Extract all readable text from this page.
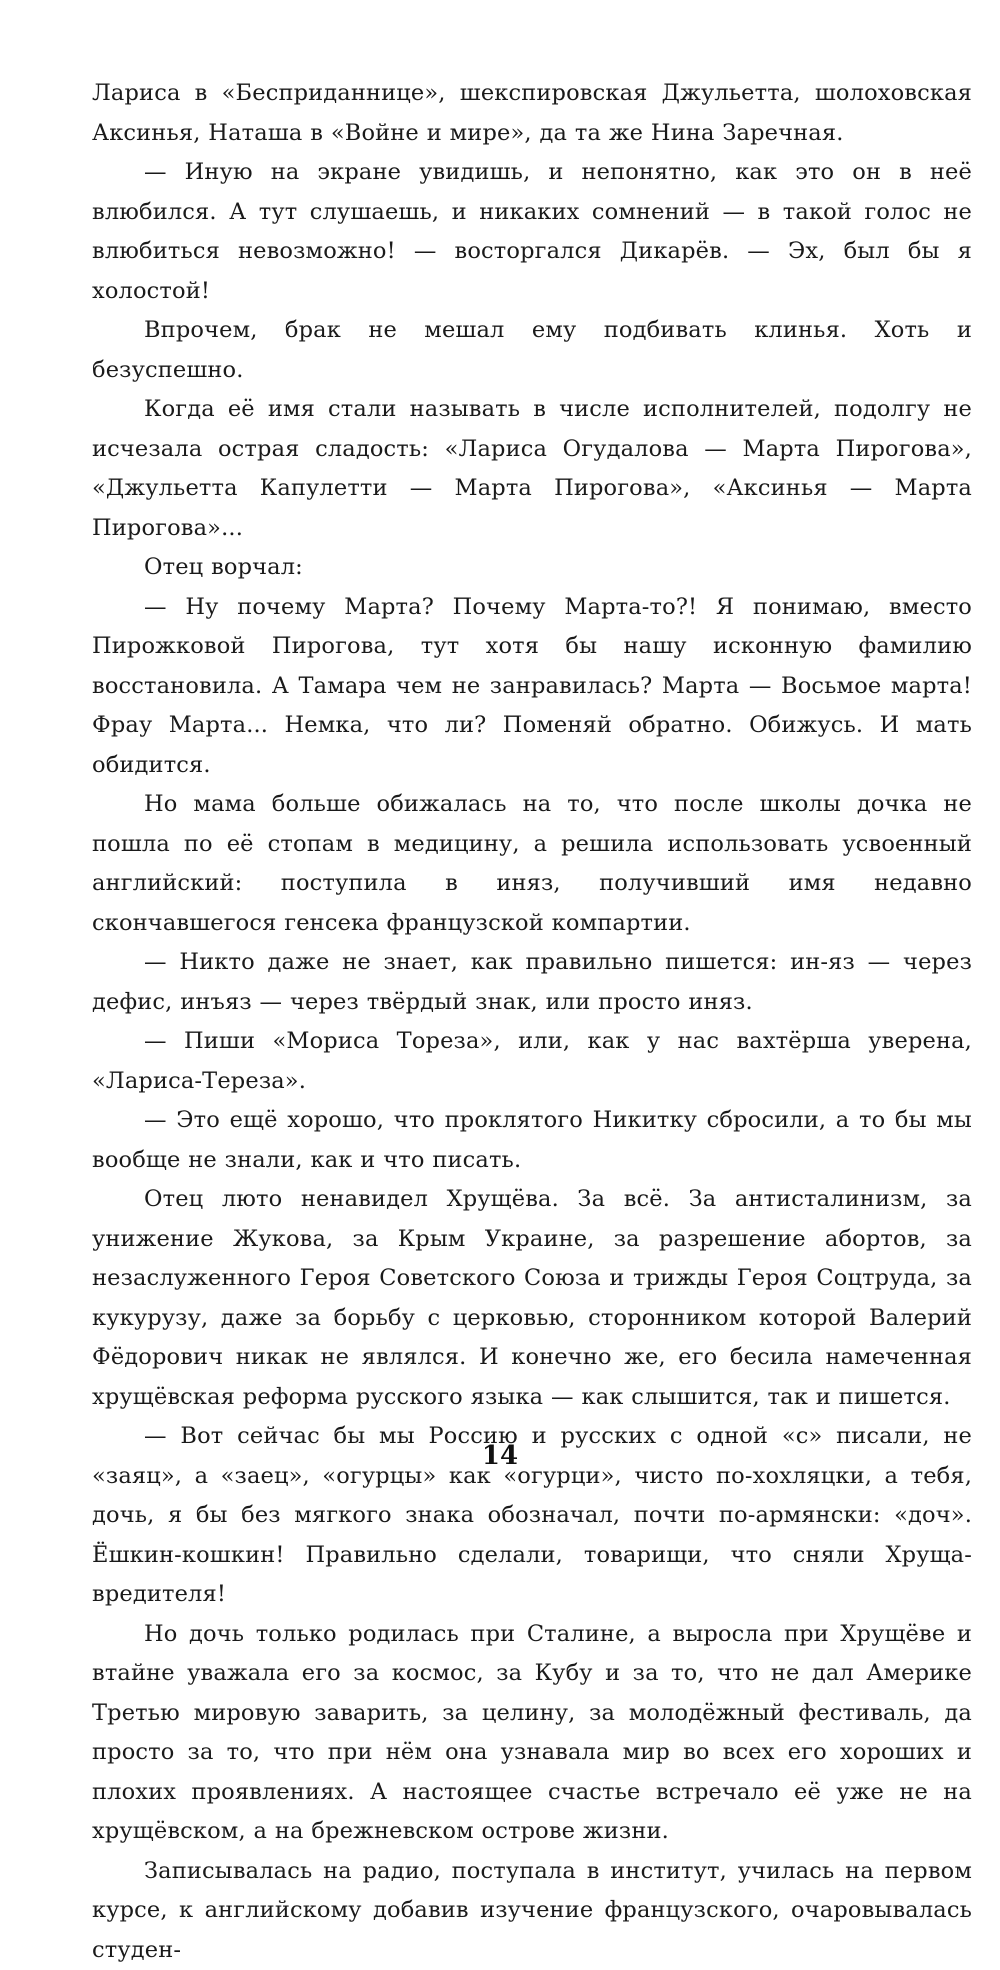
Лариса в «Бесприданнице», шекспировская Джульетта, шолоховская Аксинья, Наташа в «Войне и мире», да та же Нина Заречная.

— Иную на экране увидишь, и непонятно, как это он в неё влюбился. А тут слушаешь, и никаких сомнений — в такой голос не влюбиться невозможно! — восторгался Дикарёв. — Эх, был бы я холостой!

Впрочем, брак не мешал ему подбивать клинья. Хоть и безуспешно.

Когда её имя стали называть в числе исполнителей, подолгу не исчезала острая сладость: «Лариса Огудалова — Марта Пирогова», «Джульетта Капулетти — Марта Пирогова», «Аксинья — Марта Пирогова»...

Отец ворчал:

— Ну почему Марта? Почему Марта-то?! Я понимаю, вместо Пирожковой Пирогова, тут хотя бы нашу исконную фамилию восстановила. А Тамара чем не занравилась? Марта — Восьмое марта! Фрау Марта... Немка, что ли? Поменяй обратно. Обижусь. И мать обидится.

Но мама больше обижалась на то, что после школы дочка не пошла по её стопам в медицину, а решила использовать усвоенный английский: поступила в иняз, получивший имя недавно скончавшегося генсека французской компартии.

— Никто даже не знает, как правильно пишется: ин-яз — через дефис, инъяз — через твёрдый знак, или просто иняз.

— Пиши «Мориса Тореза», или, как у нас вахтёрша уверена, «Лариса-Тереза».

— Это ещё хорошо, что проклятого Никитку сбросили, а то бы мы вообще не знали, как и что писать.

Отец люто ненавидел Хрущёва. За всё. За антисталинизм, за унижение Жукова, за Крым Украине, за разрешение абортов, за незаслуженного Героя Советского Союза и трижды Героя Соцтруда, за кукурузу, даже за борьбу с церковью, сторонником которой Валерий Фёдорович никак не являлся. И конечно же, его бесила намеченная хрущёвская реформа русского языка — как слышится, так и пишется.

— Вот сейчас бы мы Россию и русских с одной «с» писали, не «заяц», а «заец», «огурцы» как «огурци», чисто по-хохляцки, а тебя, дочь, я бы без мягкого знака обозначал, почти по-армянски: «доч». Ёшкин-кошкин! Правильно сделали, товарищи, что сняли Хруща-вредителя!

Но дочь только родилась при Сталине, а выросла при Хрущёве и втайне уважала его за космос, за Кубу и за то, что не дал Америке Третью мировую заварить, за целину, за молодёжный фестиваль, да просто за то, что при нём она узнавала мир во всех его хороших и плохих проявлениях. А настоящее счастье встречало её уже не на хрущёвском, а на брежневском острове жизни.

Записывалась на радио, поступала в институт, училась на первом курсе, к английскому добавив изучение французского, очаровывалась студен-

14
